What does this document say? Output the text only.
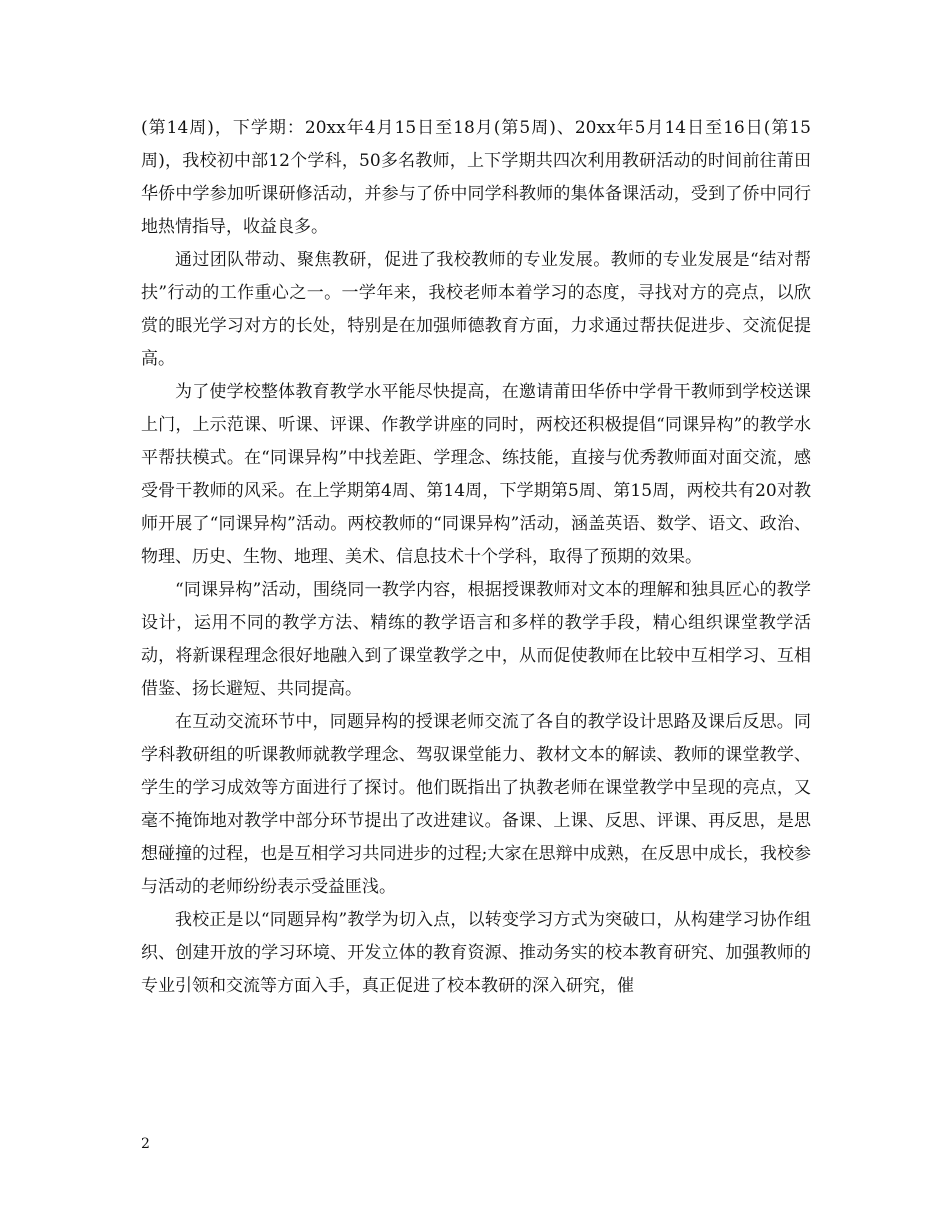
(第14周)，下学期：20xx年4月15日至18月(第5周)、20xx年5月14日至16日(第15周)，我校初中部12个学科，50多名教师，上下学期共四次利用教研活动的时间前往莆田华侨中学参加听课研修活动，并参与了侨中同学科教师的集体备课活动，受到了侨中同行地热情指导，收益良多。

通过团队带动、聚焦教研，促进了我校教师的专业发展。教师的专业发展是“结对帮扶”行动的工作重心之一。一学年来，我校老师本着学习的态度，寻找对方的亮点，以欣赏的眼光学习对方的长处，特别是在加强师德教育方面，力求通过帮扶促进步、交流促提高。

为了使学校整体教育教学水平能尽快提高，在邀请莆田华侨中学骨干教师到学校送课上门，上示范课、听课、评课、作教学讲座的同时，两校还积极提倡“同课异构”的教学水平帮扶模式。在“同课异构”中找差距、学理念、练技能，直接与优秀教师面对面交流，感受骨干教师的风采。在上学期第4周、第14周，下学期第5周、第15周，两校共有20对教师开展了“同课异构”活动。两校教师的“同课异构”活动，涵盖英语、数学、语文、政治、物理、历史、生物、地理、美术、信息技术十个学科，取得了预期的效果。

“同课异构”活动，围绕同一教学内容，根据授课教师对文本的理解和独具匠心的教学设计，运用不同的教学方法、精练的教学语言和多样的教学手段，精心组织课堂教学活动，将新课程理念很好地融入到了课堂教学之中，从而促使教师在比较中互相学习、互相借鉴、扬长避短、共同提高。

在互动交流环节中，同题异构的授课老师交流了各自的教学设计思路及课后反思。同学科教研组的听课教师就教学理念、驾驭课堂能力、教材文本的解读、教师的课堂教学、学生的学习成效等方面进行了探讨。他们既指出了执教老师在课堂教学中呈现的亮点，又毫不掩饰地对教学中部分环节提出了改进建议。备课、上课、反思、评课、再反思，是思想碰撞的过程，也是互相学习共同进步的过程;大家在思辩中成熟，在反思中成长，我校参与活动的老师纷纷表示受益匪浅。

我校正是以“同题异构”教学为切入点，以转变学习方式为突破口，从构建学习协作组织、创建开放的学习环境、开发立体的教育资源、推动务实的校本教育研究、加强教师的专业引领和交流等方面入手，真正促进了校本教研的深入研究，催

2
